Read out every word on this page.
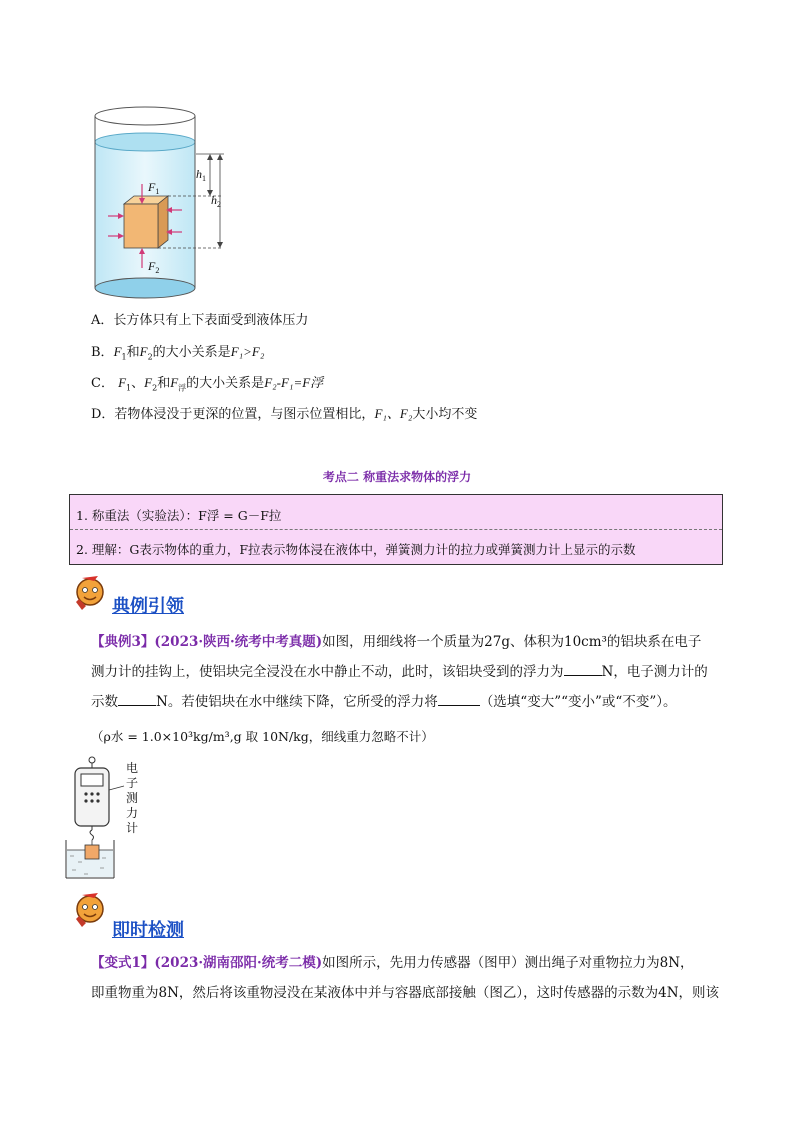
$F_1$
$F_2$
$h_1$
$h_2$
A．长方体只有上下表面受到液体压力
B．$F_1$和$F_2$的大小关系是F₁>F₂
C． $F_1$、$F_2$和$F_浮$的大小关系是F₂-F₁=F浮
D．若物体浸没于更深的位置，与图示位置相比，F₁、F₂大小均不变
考点二 称重法求物体的浮力
1. 称重法（实验法）：F浮 = G－F拉
2. 理解：G表示物体的重力，F拉表示物体浸在液体中，弹簧测力计的拉力或弹簧测力计上显示的示数
典例引领
【典例3】(2023·陕西·统考中考真题)如图，用细线将一个质量为27g、体积为10cm³的铝块系在电子
测力计的挂钩上，使铝块完全浸没在水中静止不动，此时，该铝块受到的浮力为	N，电子测力计的
示数	N。若使铝块在水中继续下降，它所受的浮力将	（选填“变大”“变小”或“不变”）。
（ρ水 = 1.0×10³kg/m³,g 取 10N/kg，细线重力忽略不计）
电
子
测
力
计
即时检测
【变式1】(2023·湖南邵阳·统考二模)如图所示，先用力传感器（图甲）测出绳子对重物拉力为8N，
即重物重为8N，然后将该重物浸没在某液体中并与容器底部接触（图乙），这时传感器的示数为4N，则该
